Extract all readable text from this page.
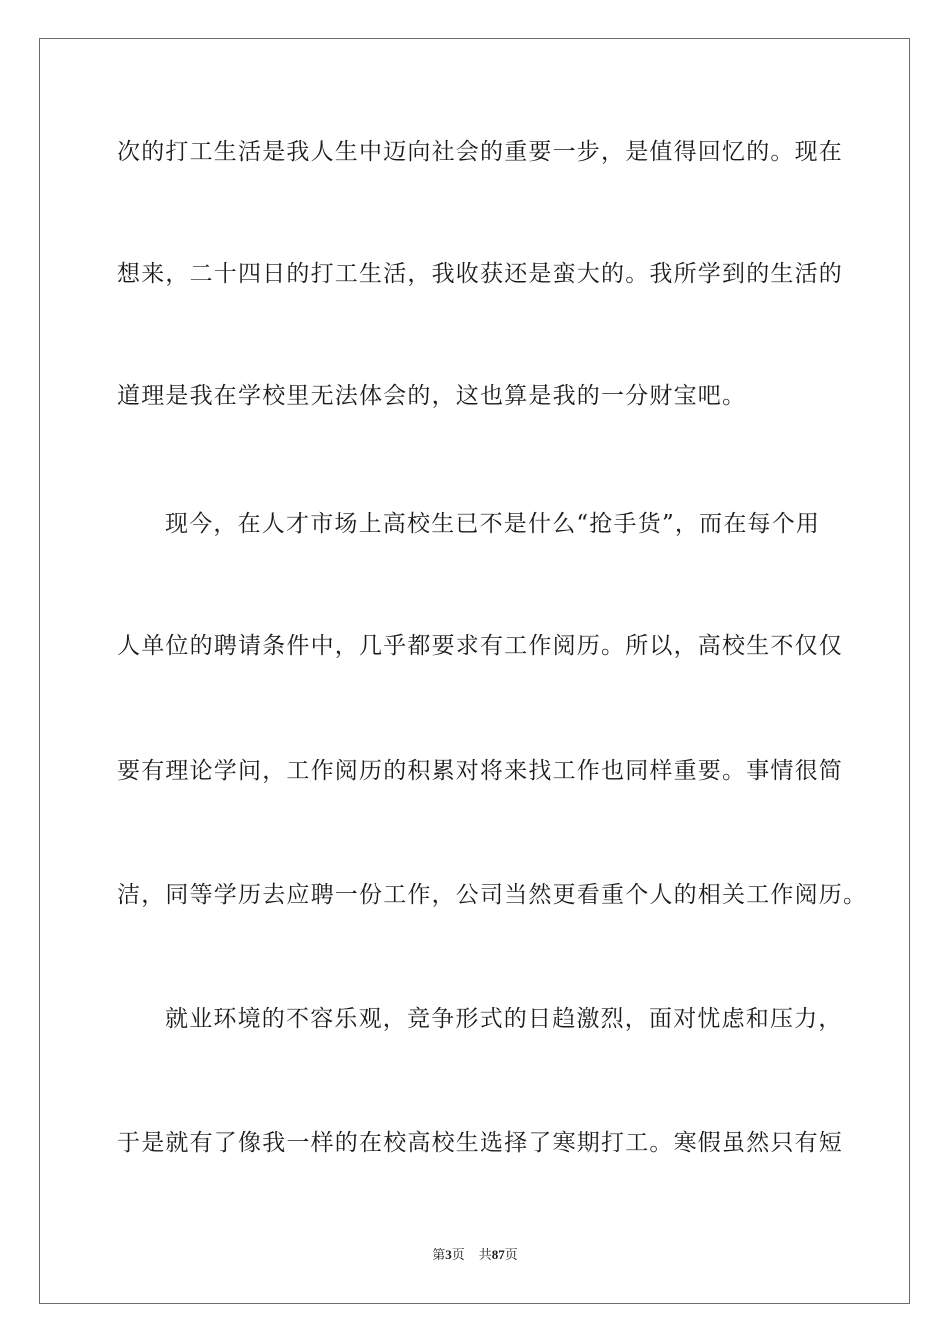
次的打工生活是我人生中迈向社会的重要一步，是值得回忆的。现在

想来，二十四日的打工生活，我收获还是蛮大的。我所学到的生活的

道理是我在学校里无法体会的，这也算是我的一分财宝吧。

现今，在人才市场上高校生已不是什么“抢手货”，而在每个用

人单位的聘请条件中，几乎都要求有工作阅历。所以，高校生不仅仅

要有理论学问，工作阅历的积累对将来找工作也同样重要。事情很简

洁，同等学历去应聘一份工作，公司当然更看重个人的相关工作阅历。

就业环境的不容乐观，竞争形式的日趋激烈，面对忧虑和压力，

于是就有了像我一样的在校高校生选择了寒期打工。寒假虽然只有短

第3页 共87页
